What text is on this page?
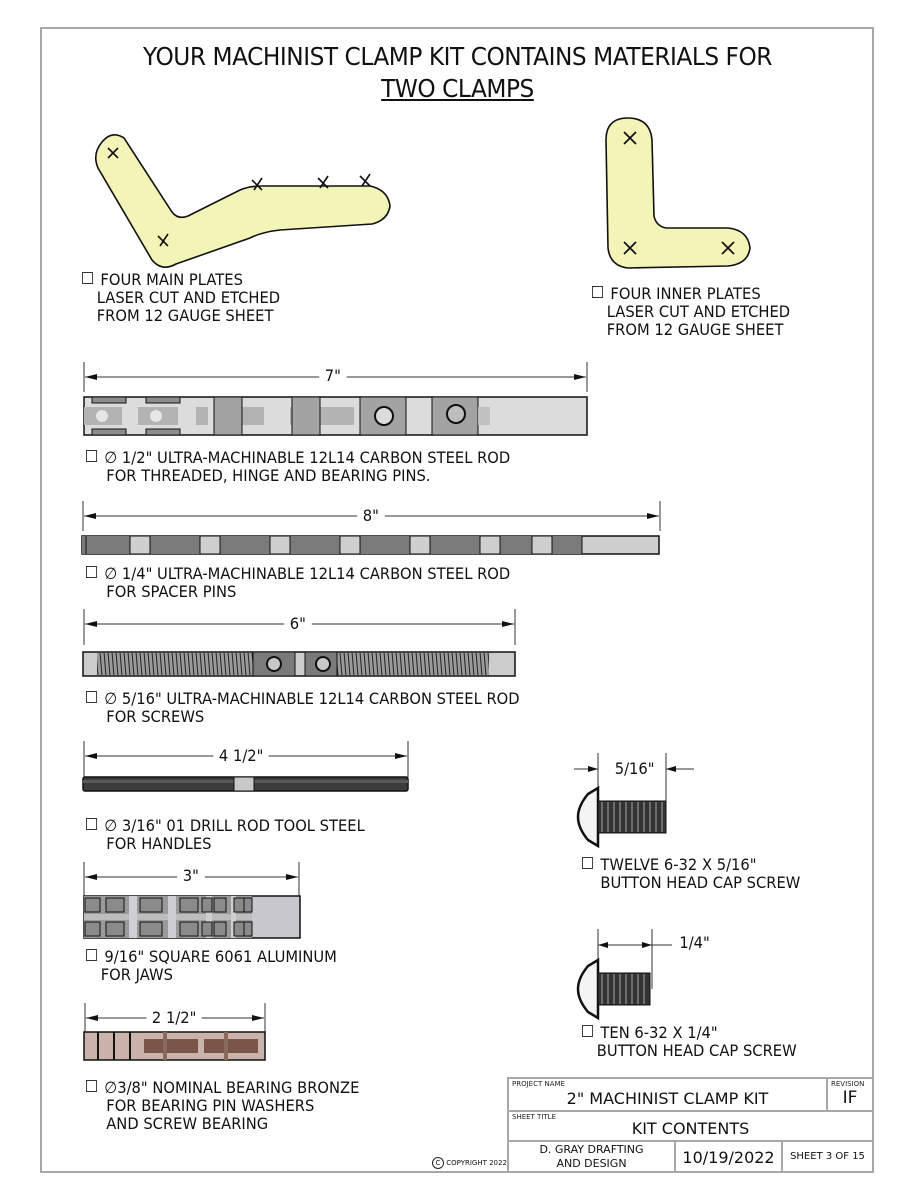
YOUR MACHINIST CLAMP KIT CONTAINS MATERIALS FOR
TWO CLAMPS
FOUR MAIN PLATES
LASER CUT AND ETCHED
FROM 12 GAUGE SHEET
FOUR INNER PLATES
LASER CUT AND ETCHED
FROM 12 GAUGE SHEET
7"
∅ 1/2" ULTRA-MACHINABLE 12L14 CARBON STEEL ROD
FOR THREADED, HINGE AND BEARING PINS.
8"
∅ 1/4" ULTRA-MACHINABLE 12L14 CARBON STEEL ROD
FOR SPACER PINS
6"
∅ 5/16" ULTRA-MACHINABLE 12L14 CARBON STEEL ROD
FOR SCREWS
4 1/2"
∅ 3/16" 01 DRILL ROD TOOL STEEL
FOR HANDLES
3"
9/16" SQUARE 6061 ALUMINUM
FOR JAWS
2 1/2"
∅3/8" NOMINAL BEARING BRONZE
FOR BEARING PIN WASHERS
AND SCREW BEARING
5/16"
TWELVE 6-32 X 5/16"
BUTTON HEAD CAP SCREW
1/4"
TEN 6-32 X 1/4"
BUTTON HEAD CAP SCREW
PROJECT NAME
2" MACHINIST CLAMP KIT
REVISION
IF
SHEET TITLE
KIT CONTENTS
D. GRAY DRAFTING
AND DESIGN	10/19/2022	SHEET 3 OF 15
C COPYRIGHT 2022
